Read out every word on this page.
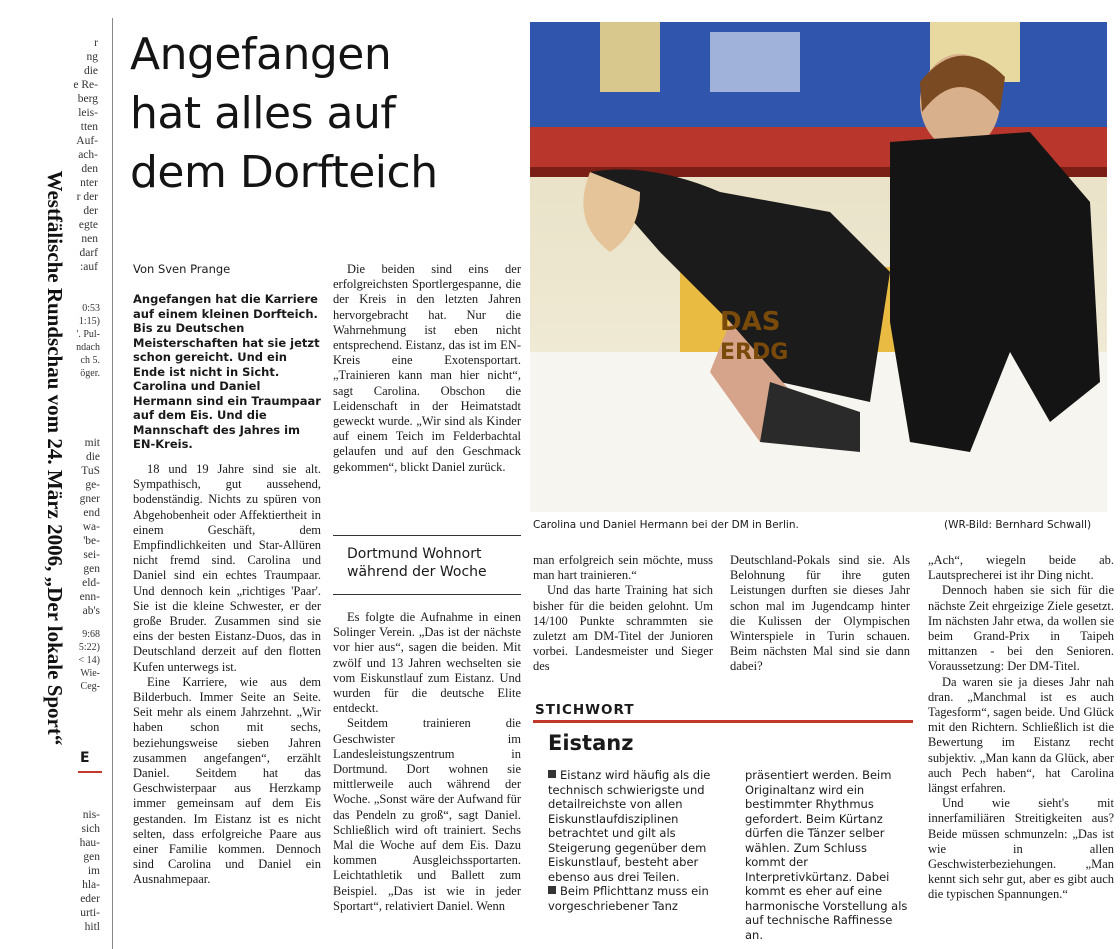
Westfälische Rundschau vom 24. März 2006, „Der lokale Sport“
r
ng
die
e Re-
berg
leis-
tten
Auf-
ach-
den
nter
r der
der
egte
nen
darf
:auf
0:53
1:15)
'. Pul-
ndach
ch 5.
öger.
mit
die
TuS
ge-
gner
end
wa-
'be-
sei-
gen
eld-
enn-
ab's
9:68
5:22)
< 14)
Wie-
Ceg-
E
nis-
sich
hau-
gen
im
hla-
eder
urti-
hitl
Angefangen
hat alles auf
dem Dorfteich
Von Sven Prange
Angefangen hat die Karriere auf einem kleinen Dorfteich. Bis zu Deutschen Meisterschaften hat sie jetzt schon gereicht. Und ein Ende ist nicht in Sicht. Carolina und Daniel Hermann sind ein Traumpaar auf dem Eis. Und die Mannschaft des Jahres im EN-Kreis.

18 und 19 Jahre sind sie alt. Sympathisch, gut aussehend, bodenständig. Nichts zu spüren von Abgehobenheit oder Affektiertheit in einem Geschäft, dem Empfindlichkeiten und Star-Allüren nicht fremd sind. Carolina und Daniel sind ein echtes Traumpaar. Und dennoch kein „richtiges 'Paar'. Sie ist die kleine Schwester, er der große Bruder. Zusammen sind sie eins der besten Eistanz-Duos, das in Deutschland derzeit auf den flotten Kufen unterwegs ist.

Eine Karriere, wie aus dem Bilderbuch. Immer Seite an Seite. Seit mehr als einem Jahrzehnt. „Wir haben schon mit sechs, beziehungsweise sieben Jahren zusammen angefangen“, erzählt Daniel. Seitdem hat das Geschwisterpaar aus Herzkamp immer gemeinsam auf dem Eis gestanden. Im Eistanz ist es nicht selten, dass erfolgreiche Paare aus einer Familie kommen. Dennoch sind Carolina und Daniel ein Ausnahmepaar.

Die beiden sind eins der erfolgreichsten Sportlergespanne, die der Kreis in den letzten Jahren hervorgebracht hat. Nur die Wahrnehmung ist eben nicht entsprechend. Eistanz, das ist im EN-Kreis eine Exotensportart. „Trainieren kann man hier nicht“, sagt Carolina. Obschon die Leidenschaft in der Heimatstadt geweckt wurde. „Wir sind als Kinder auf einem Teich im Felderbachtal gelaufen und auf den Geschmack gekommen“, blickt Daniel zurück.

Dortmund Wohnort
während der Woche

Es folgte die Aufnahme in einen Solinger Verein. „Das ist der nächste vor hier aus“, sagen die beiden. Mit zwölf und 13 Jahren wechselten sie vom Eiskunstlauf zum Eistanz. Und wurden für die deutsche Elite entdeckt.

Seitdem trainieren die Geschwister im Landesleistungszentrum in Dortmund. Dort wohnen sie mittlerweile auch während der Woche. „Sonst wäre der Aufwand für das Pendeln zu groß“, sagt Daniel. Schließlich wird oft trainiert. Sechs Mal die Woche auf dem Eis. Dazu kommen Ausgleichssportarten. Leichtathletik und Ballett zum Beispiel. „Das ist wie in jeder Sportart“, relativiert Daniel. Wenn

DAS
ERDG
Carolina und Daniel Hermann bei der DM in Berlin.	(WR-Bild: Bernhard Schwall)

man erfolgreich sein möchte, muss man hart trainieren.“

Und das harte Training hat sich bisher für die beiden gelohnt. Um 14/100 Punkte schrammten sie zuletzt am DM-Titel der Junioren vorbei. Landesmeister und Sieger des

Deutschland-Pokals sind sie. Als Belohnung für ihre guten Leistungen durften sie dieses Jahr schon mal im Jugendcamp hinter die Kulissen der Olympischen Winterspiele in Turin schauen. Beim nächsten Mal sind sie dann dabei?

„Ach“, wiegeln beide ab. Lautsprecherei ist ihr Ding nicht.

Dennoch haben sie sich für die nächste Zeit ehrgeizige Ziele gesetzt. Im nächsten Jahr etwa, da wollen sie beim Grand-Prix in Taipeh mittanzen - bei den Senioren. Voraussetzung: Der DM-Titel.

Da waren sie ja dieses Jahr nah dran. „Manchmal ist es auch Tagesform“, sagen beide. Und Glück mit den Richtern. Schließlich ist die Bewertung im Eistanz recht subjektiv. „Man kann da Glück, aber auch Pech haben“, hat Carolina längst erfahren.

Und wie sieht's mit innerfamiliären Streitigkeiten aus? Beide müssen schmunzeln: „Das ist wie in allen Geschwisterbeziehungen. „Man kennt sich sehr gut, aber es gibt auch die typischen Spannungen.“

STICHWORT
Eistanz

Eistanz wird häufig als die technisch schwierigste und detailreichste von allen Eiskunstlaufdisziplinen betrachtet und gilt als Steigerung gegenüber dem Eiskunstlauf, besteht aber ebenso aus drei Teilen.

Beim Pflichttanz muss ein vorgeschriebener Tanz

präsentiert werden. Beim Originaltanz wird ein bestimmter Rhythmus gefordert. Beim Kürtanz dürfen die Tänzer selber wählen. Zum Schluss kommt der Interpretivkürtanz. Dabei kommt es eher auf eine harmonische Vorstellung als auf technische Raffinesse an.
